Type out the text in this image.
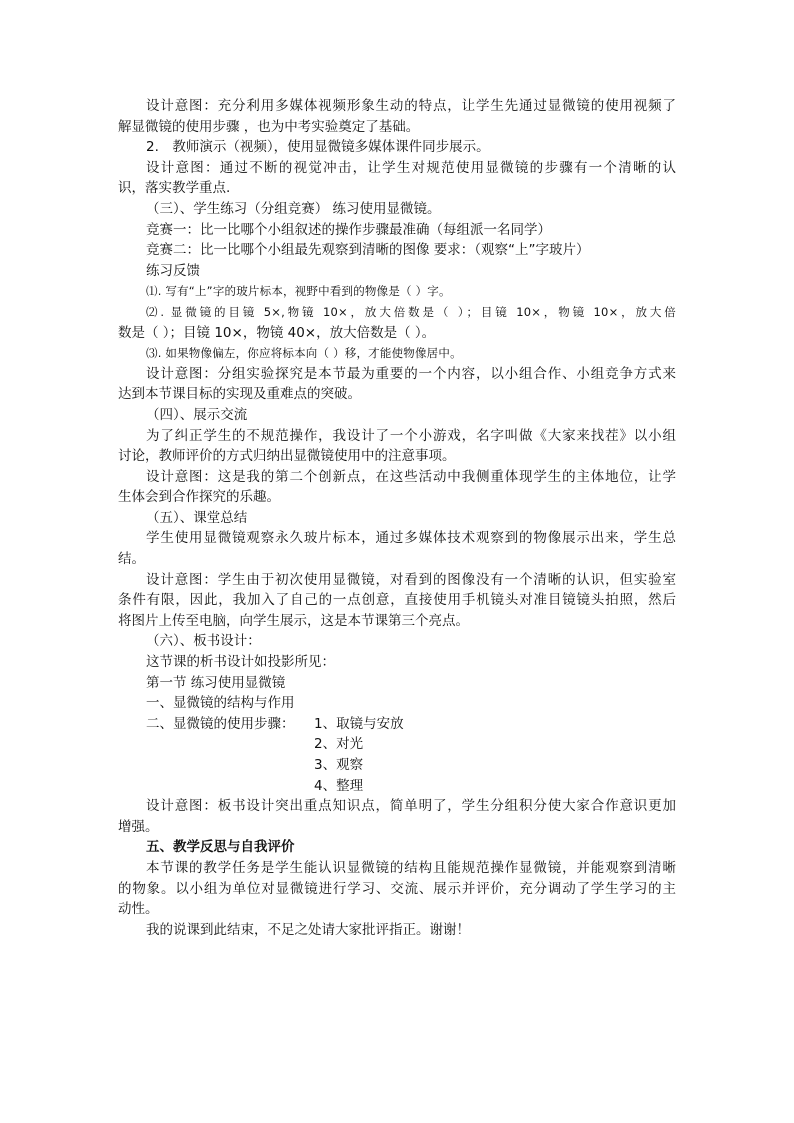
设计意图：充分利用多媒体视频形象生动的特点，让学生先通过显微镜的使用视频了
解显微镜的使用步骤 ，也为中考实验奠定了基础。
2.　教师演示（视频），使用显微镜多媒体课件同步展示。
设计意图：通过不断的视觉冲击，让学生对规范使用显微镜的步骤有一个清晰的认
识，落实教学重点.
（三）、学生练习（分组竞赛） 练习使用显微镜。
竞赛一：比一比哪个小组叙述的操作步骤最准确（每组派一名同学）
竞赛二：比一比哪个小组最先观察到清晰的图像 要求：（观察“上”字玻片）
练习反馈
⑴. 写有“上”字的玻片标本，视野中看到的物像是（ ）字。
⑵. 显微镜的目镜 5×,物镜 10×，放大倍数是（ ）；目镜 10×，物镜 10×，放大倍
数是（ ）；目镜 10×，物镜 40×，放大倍数是（ ）。
⑶. 如果物像偏左，你应将标本向（ ）移，才能使物像居中。
设计意图：分组实验探究是本节最为重要的一个内容，以小组合作、小组竞争方式来
达到本节课目标的实现及重难点的突破。
（四）、展示交流
为了纠正学生的不规范操作，我设计了一个小游戏，名字叫做《大家来找茬》以小组
讨论，教师评价的方式归纳出显微镜使用中的注意事项。
设计意图：这是我的第二个创新点，在这些活动中我侧重体现学生的主体地位，让学
生体会到合作探究的乐趣。
（五）、课堂总结
学生使用显微镜观察永久玻片标本，通过多媒体技术观察到的物像展示出来，学生总
结。
设计意图：学生由于初次使用显微镜，对看到的图像没有一个清晰的认识，但实验室
条件有限，因此，我加入了自己的一点创意，直接使用手机镜头对准目镜镜头拍照，然后
将图片上传至电脑，向学生展示，这是本节课第三个亮点。
（六）、板书设计：
这节课的析书设计如投影所见：
第一节 练习使用显微镜
一、显微镜的结构与作用
二、显微镜的使用步骤：	1、取镜与安放
2、对光
3、观察
4、整理
设计意图：板书设计突出重点知识点，简单明了，学生分组积分使大家合作意识更加
增强。
五、教学反思与自我评价
本节课的教学任务是学生能认识显微镜的结构且能规范操作显微镜，并能观察到清晰
的物象。以小组为单位对显微镜进行学习、交流、展示并评价，充分调动了学生学习的主
动性。
我的说课到此结束，不足之处请大家批评指正。谢谢！
